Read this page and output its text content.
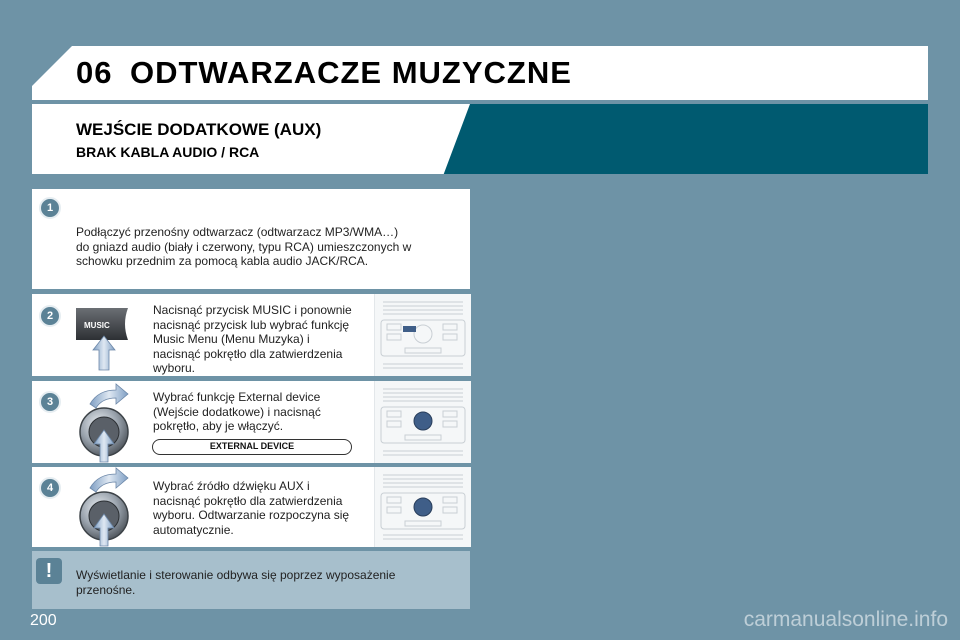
06 ODTWARZACZE MUZYCZNE
WEJŚCIE DODATKOWE (AUX)
BRAK KABLA AUDIO / RCA
1
Podłączyć przenośny odtwarzacz (odtwarzacz MP3/WMA…)
do gniazd audio (biały i czerwony, typu RCA) umieszczonych w
schowku przednim za pomocą kabla audio JACK/RCA.
2
MUSIC
Nacisnąć przycisk MUSIC i ponownie
nacisnąć przycisk lub wybrać funkcję
Music Menu (Menu Muzyka) i
nacisnąć pokrętło dla zatwierdzenia
wyboru.
3	Wybrać funkcję External device
(Wejście dodatkowe) i nacisnąć
pokrętło, aby je włączyć.
EXTERNAL DEVICE
4	Wybrać źródło dźwięku AUX i
nacisnąć pokrętło dla zatwierdzenia
wyboru. Odtwarzanie rozpoczyna się
automatycznie.
!	Wyświetlanie i sterowanie odbywa się poprzez wyposażenie
przenośne.
200	carmanualsonline.info
